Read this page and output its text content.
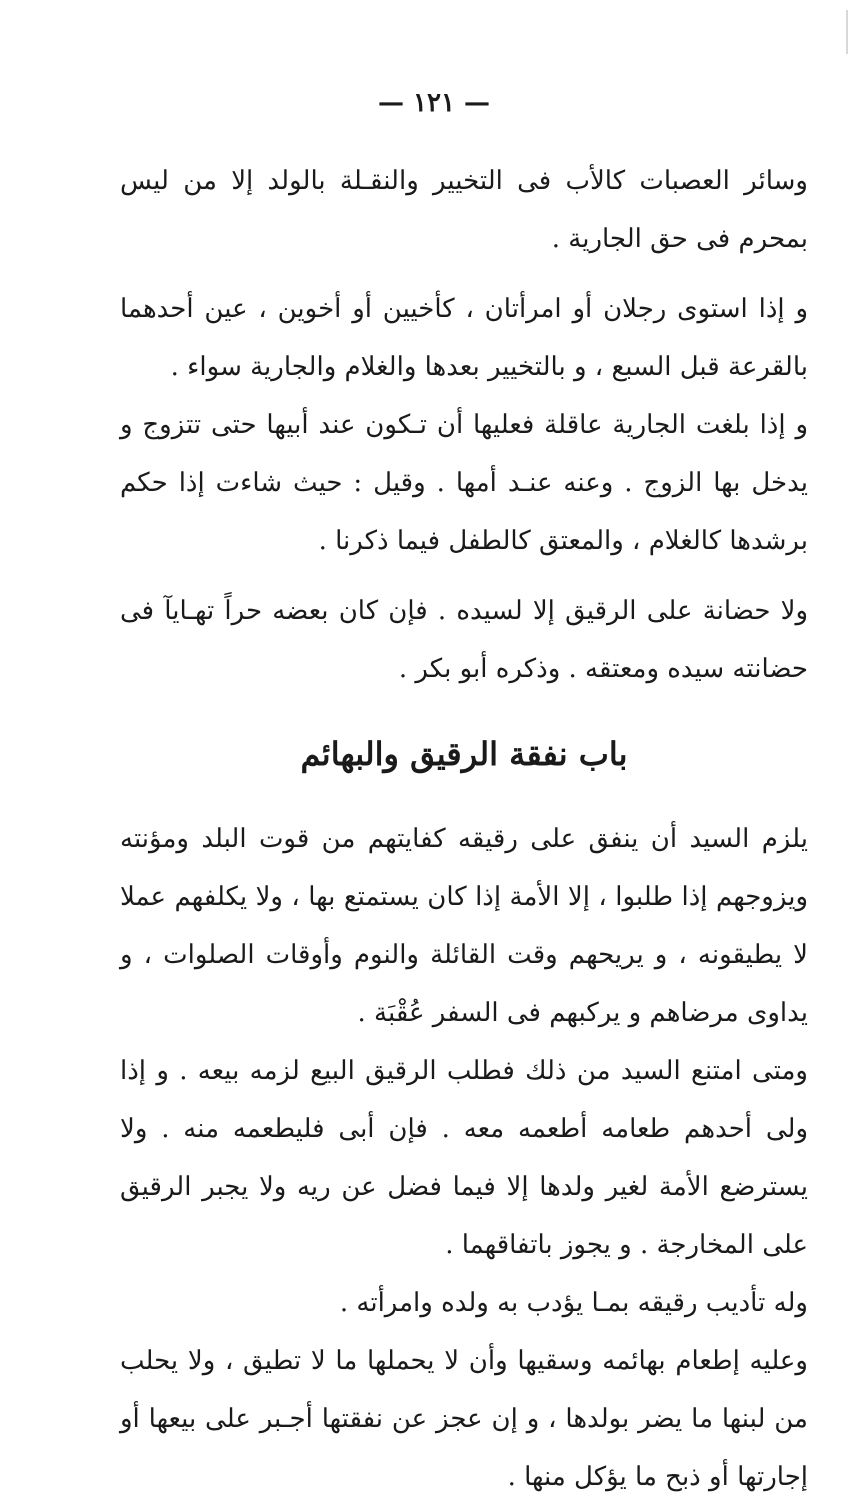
— ١٢١ —

وسائر العصبات كالأب فى التخيير والنقـلة بالولد إلا من ليس بمحرم فى حق الجارية .

و إذا استوى رجلان أو امرأتان ، كأخيين أو أخوين ، عين أحدهما بالقرعة قبل السبع ، و بالتخيير بعدها والغلام والجارية سواء .

و إذا بلغت الجارية عاقلة فعليها أن تـكون عند أبيها حتى تتزوج و يدخل بها الزوج . وعنه عنـد أمها . وقيل : حيث شاءت إذا حكم برشدها كالغلام ، والمعتق كالطفل فيما ذكرنا .

ولا حضانة على الرقيق إلا لسيده . فإن كان بعضه حراً تهـايآ فى حضانته سيده ومعتقه . وذكره أبو بكر .

باب نفقة الرقيق والبهائم

يلزم السيد أن ينفق على رقيقه كفايتهم من قوت البلد ومؤنته ويزوجهم إذا طلبوا ، إلا الأمة إذا كان يستمتع بها ، ولا يكلفهم عملا لا يطيقونه ، و يريحهم وقت القائلة والنوم وأوقات الصلوات ، و يداوى مرضاهم و يركبهم فى السفر عُقْبَة .

ومتى امتنع السيد من ذلك فطلب الرقيق البيع لزمه بيعه . و إذا ولى أحدهم طعامه أطعمه معه . فإن أبى فليطعمه منه . ولا يسترضع الأمة لغير ولدها إلا فيما فضل عن ريه ولا يجبر الرقيق على المخارجة . و يجوز باتفاقهما .

وله تأديب رقيقه بمـا يؤدب به ولده وامرأته .

وعليه إطعام بهائمه وسقيها وأن لا يحملها ما لا تطيق ، ولا يحلب من لبنها ما يضر بولدها ، و إن عجز عن نفقتها أجـبر على بيعها أو إجارتها أو ذبح ما يؤكل منها .
